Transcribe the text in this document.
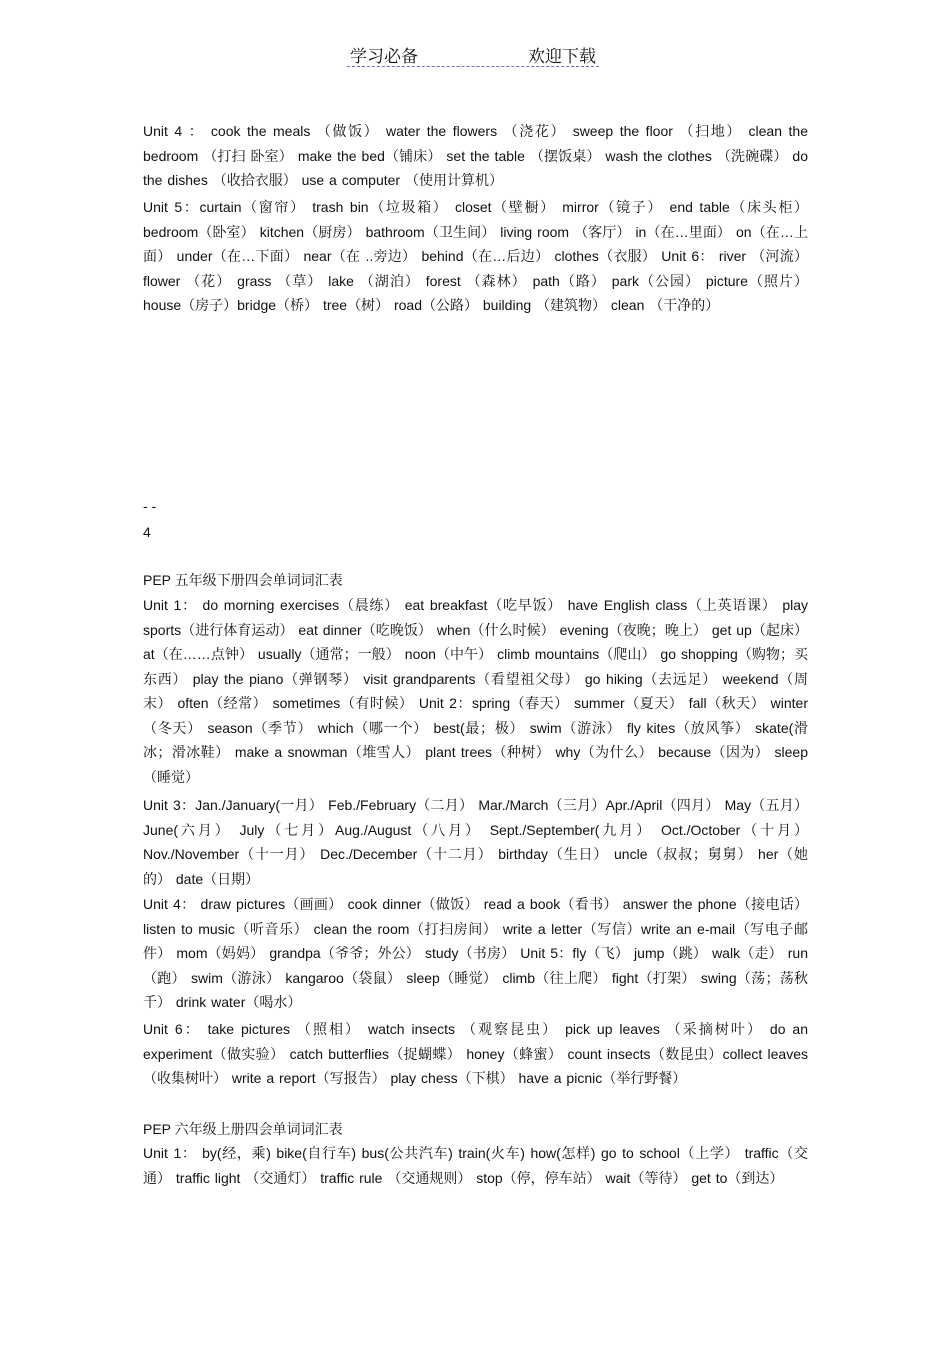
学习必备	欢迎下载
Unit 4 ： cook the meals （做饭） water the flowers （浇花） sweep the floor （扫地） clean the bedroom （打扫 卧室） make the bed（铺床） set the table （摆饭桌） wash the clothes （洗碗碟） do the dishes （收拾衣服） use a computer （使用计算机）
Unit 5：curtain（窗帘） trash bin（垃圾箱） closet（壁橱） mirror（镜子） end table（床头柜） bedroom（卧室） kitchen（厨房） bathroom（卫生间） living room （客厅） in（在…里面） on（在…上面） under（在…下面） near（在 ..旁边） behind（在…后边） clothes（衣服） Unit 6： river （河流） flower （花） grass （草） lake （湖泊） forest （森林） path（路） park（公园） picture（照片） house（房子）bridge（桥） tree（树） road（公路） building （建筑物） clean （干净的）
- -
4
PEP 五年级下册四会单词词汇表
Unit 1： do morning exercises（晨练） eat breakfast（吃早饭） have English class（上英语课） play sports（进行体育运动） eat dinner（吃晚饭） when（什么时候） evening（夜晚；晚上） get up（起床） at（在……点钟） usually（通常；一般） noon（中午） climb mountains（爬山） go shopping（购物；买东西） play the piano（弹钢琴） visit grandparents（看望祖父母） go hiking（去远足） weekend（周末） often（经常） sometimes（有时候） Unit 2：spring（春天） summer（夏天） fall（秋天） winter（冬天） season（季节） which（哪一个） best(最；极） swim（游泳） fly kites（放风筝） skate(滑冰；滑冰鞋） make a snowman（堆雪人） plant trees（种树） why（为什么） because（因为） sleep（睡觉）
Unit 3：Jan./January(一月） Feb./February（二月） Mar./March（三月）Apr./April（四月） May（五月） June(六月） July（七月）Aug./August（八月） Sept./September(九月） Oct./October（十月） Nov./November（十一月） Dec./December（十二月） birthday（生日） uncle（叔叔；舅舅） her（她的） date（日期）
Unit 4： draw pictures（画画） cook dinner（做饭） read a book（看书） answer the phone（接电话） listen to music（听音乐） clean the room（打扫房间） write a letter（写信）write an e-mail（写电子邮件） mom（妈妈） grandpa（爷爷；外公） study（书房） Unit 5：fly（飞） jump（跳） walk（走） run（跑） swim（游泳） kangaroo（袋鼠） sleep（睡觉） climb（往上爬） fight（打架） swing（荡；荡秋千） drink water（喝水）
Unit 6： take pictures （照相） watch insects （观察昆虫） pick up leaves （采摘树叶） do an experiment（做实验） catch butterflies（捉蝴蝶） honey（蜂蜜） count insects（数昆虫）collect leaves（收集树叶） write a report（写报告） play chess（下棋） have a picnic（举行野餐）
PEP 六年级上册四会单词词汇表
Unit 1： by(经，乘) bike(自行车) bus(公共汽车) train(火车) how(怎样) go to school（上学） traffic（交通） traffic light （交通灯） traffic rule （交通规则） stop（停，停车站） wait（等待） get to（到达）
